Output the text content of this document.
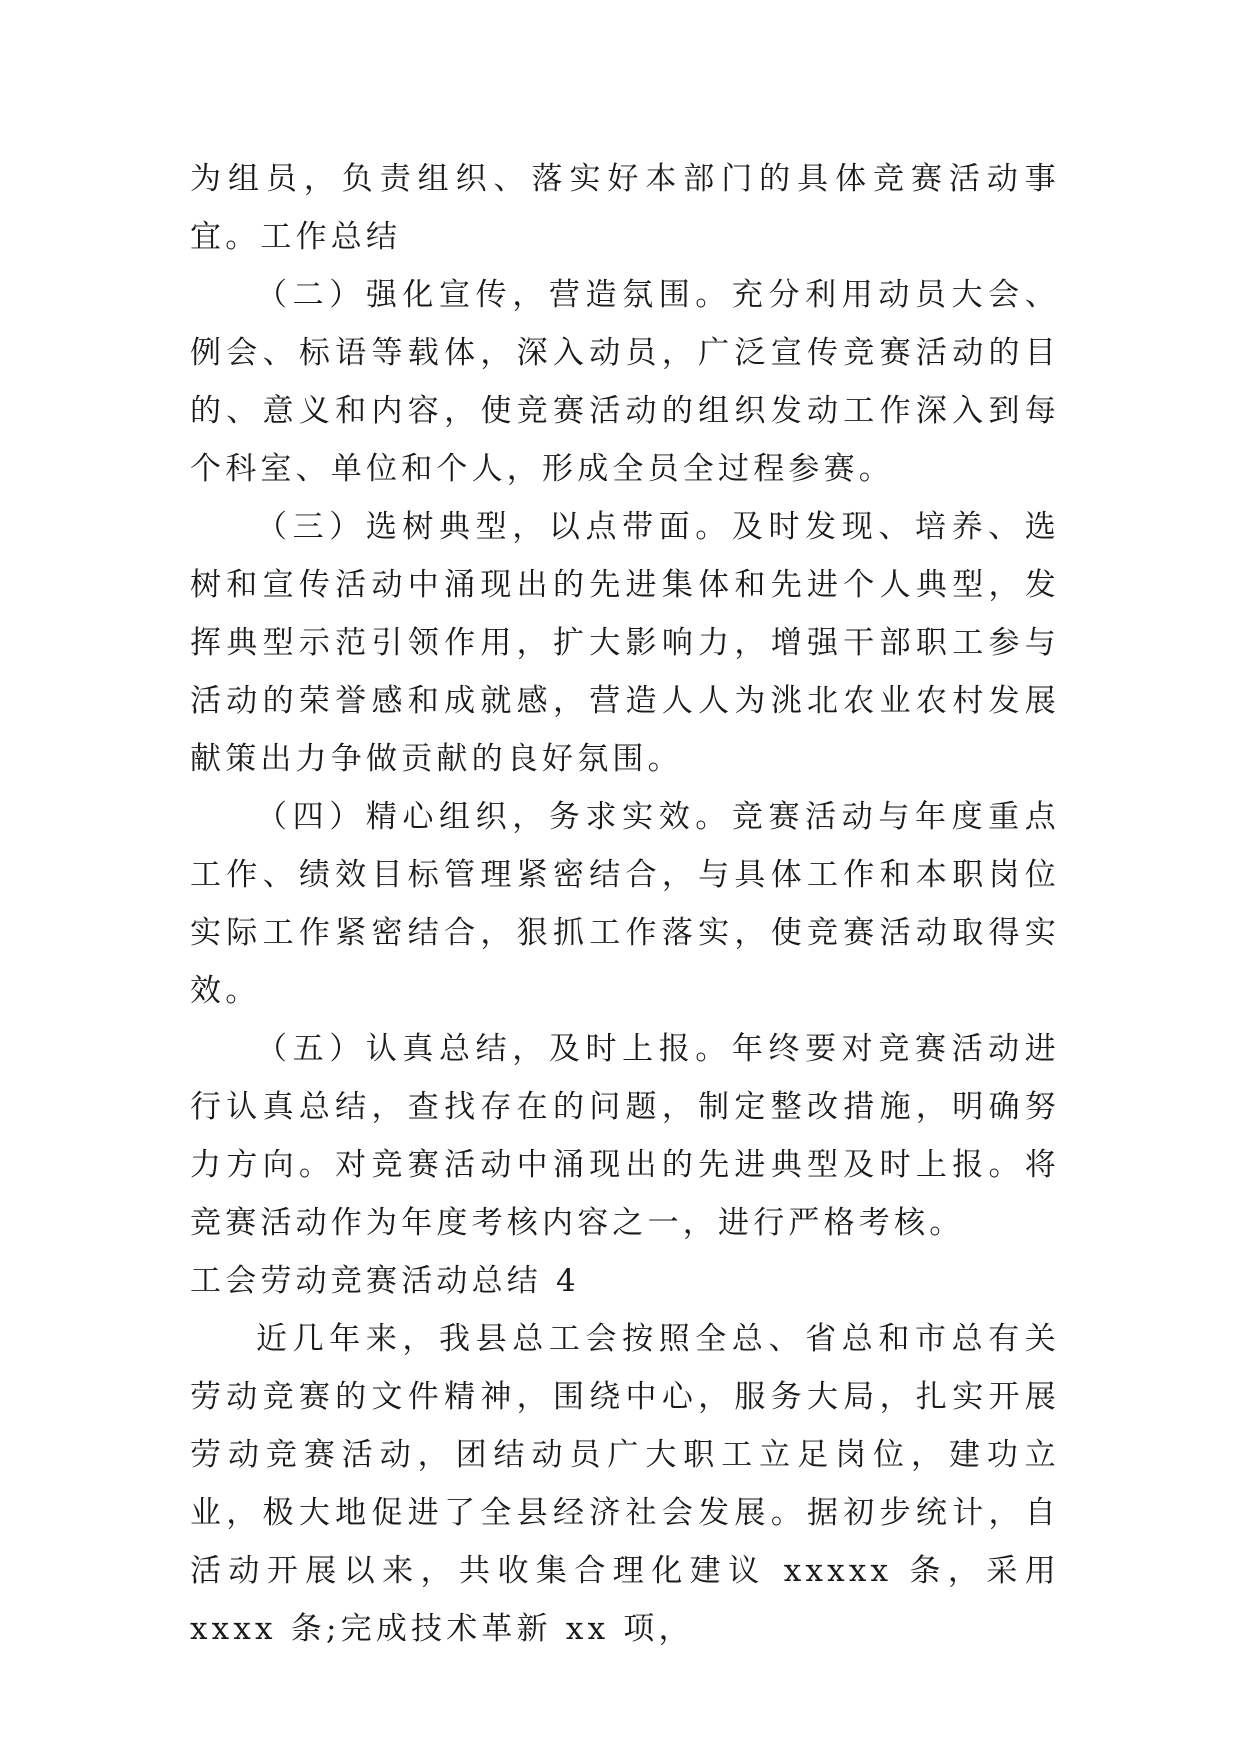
为组员，负责组织、落实好本部门的具体竞赛活动事宜。工作总结

（二）强化宣传，营造氛围。充分利用动员大会、例会、标语等载体，深入动员，广泛宣传竞赛活动的目的、意义和内容，使竞赛活动的组织发动工作深入到每个科室、单位和个人，形成全员全过程参赛。

（三）选树典型，以点带面。及时发现、培养、选树和宣传活动中涌现出的先进集体和先进个人典型，发挥典型示范引领作用，扩大影响力，增强干部职工参与活动的荣誉感和成就感，营造人人为洮北农业农村发展献策出力争做贡献的良好氛围。

（四）精心组织，务求实效。竞赛活动与年度重点工作、绩效目标管理紧密结合，与具体工作和本职岗位实际工作紧密结合，狠抓工作落实，使竞赛活动取得实效。

（五）认真总结，及时上报。年终要对竞赛活动进行认真总结，查找存在的问题，制定整改措施，明确努力方向。对竞赛活动中涌现出的先进典型及时上报。将竞赛活动作为年度考核内容之一，进行严格考核。

工会劳动竞赛活动总结 4

近几年来，我县总工会按照全总、省总和市总有关劳动竞赛的文件精神，围绕中心，服务大局，扎实开展劳动竞赛活动，团结动员广大职工立足岗位，建功立业，极大地促进了全县经济社会发展。据初步统计，自活动开展以来，共收集合理化建议 xxxxx 条，采用 xxxx 条;完成技术革新 xx 项，
